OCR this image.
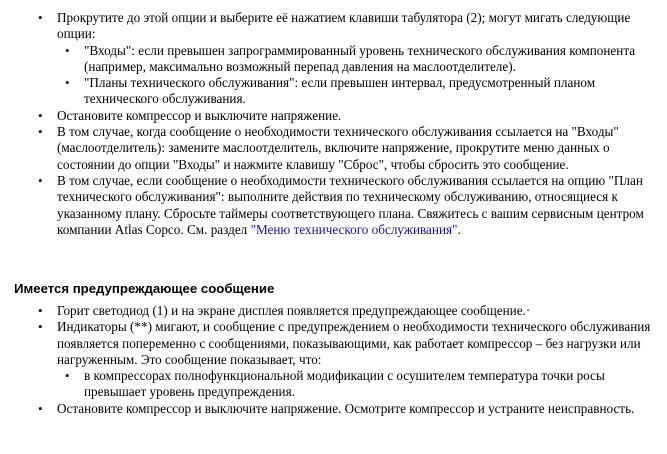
• Прокрутите до этой опции и выберите её нажатием клавиши табулятора (2); могут мигать следующие опции:
• "Входы": если превышен запрограммированный уровень технического обслуживания компонента (например, максимально возможный перепад давления на маслоотделителе).
• "Планы технического обслуживания": если превышен интервал, предусмотренный планом технического обслуживания.
• Остановите компрессор и выключите напряжение.
• В том случае, когда сообщение о необходимости технического обслуживания ссылается на "Входы" (маслоотделитель): замените маслоотделитель, включите напряжение, прокрутите меню данных о состоянии до опции "Входы" и нажмите клавишу "Сброс", чтобы сбросить это сообщение.
• В том случае, если сообщение о необходимости технического обслуживания ссылается на опцию "План технического обслуживания": выполните действия по техническому обслуживанию, относящиеся к указанному плану. Сбросьте таймеры соответствующего плана. Свяжитесь с вашим сервисным центром компании Atlas Copco. См. раздел "Меню технического обслуживания".
Имеется предупреждающее сообщение
• Горит светодиод (1) и на экране дисплея появляется предупреждающее сообщение.·
• Индикаторы (**) мигают, и сообщение с предупреждением о необходимости технического обслуживания появляется попеременно с сообщениями, показывающими, как работает компрессор – без нагрузки или нагруженным. Это сообщение показывает, что:
• в компрессорах полнофункциональной модификации с осушителем температура точки росы превышает уровень предупреждения.
• Остановите компрессор и выключите напряжение. Осмотрите компрессор и устраните неисправность.
